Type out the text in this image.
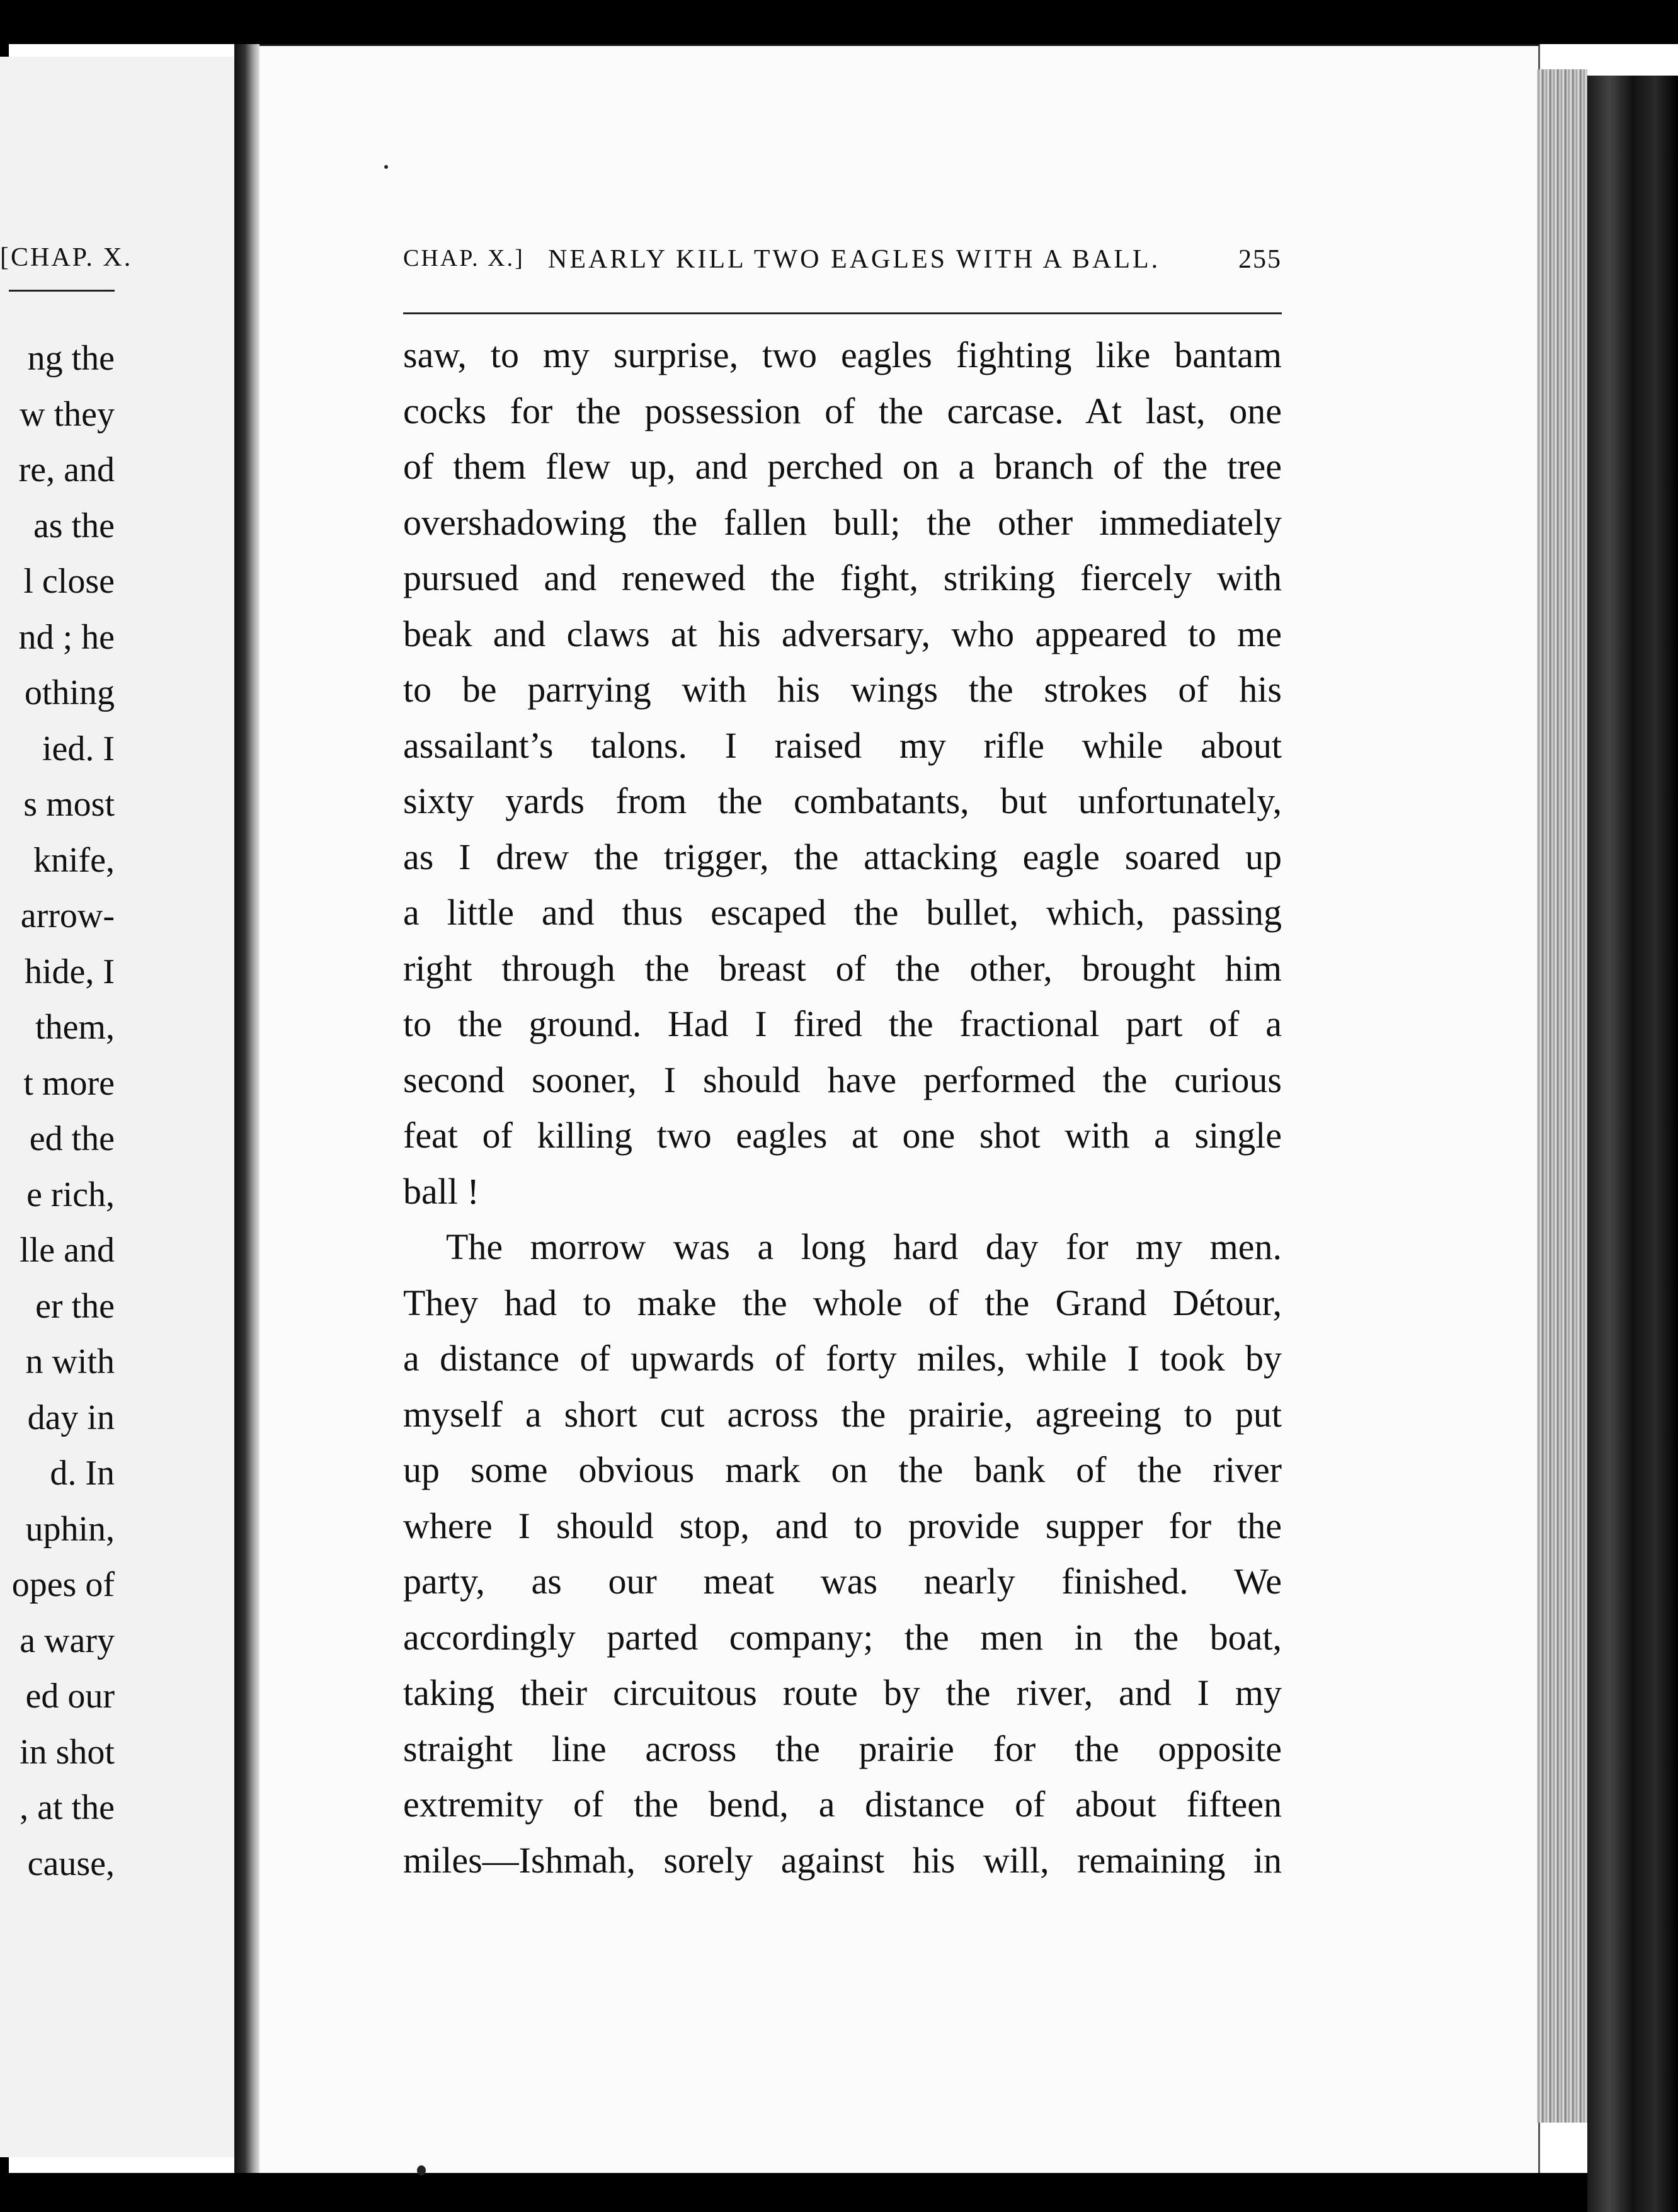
[CHAP. X.
ng the
w they
re, and
as the
l close
nd ; he
othing
ied. I
s most
knife,
arrow-
hide, I
them,
t more
ed the
e rich,
lle and
er the
n with
day in
d. In
uphin,
opes of
a wary
ed our
in shot
, at the
cause,
CHAP. X.] NEARLY KILL TWO EAGLES WITH A BALL.	255
saw, to my surprise, two eagles fighting like bantam
cocks for the possession of the carcase. At last, one
of them flew up, and perched on a branch of the tree
overshadowing the fallen bull; the other immediately
pursued and renewed the fight, striking fiercely with
beak and claws at his adversary, who appeared to me
to be parrying with his wings the strokes of his
assailant’s talons. I raised my rifle while about
sixty yards from the combatants, but unfortunately,
as I drew the trigger, the attacking eagle soared up
a little and thus escaped the bullet, which, passing
right through the breast of the other, brought him
to the ground. Had I fired the fractional part of a
second sooner, I should have performed the curious
feat of killing two eagles at one shot with a single
ball !
The morrow was a long hard day for my men.
They had to make the whole of the Grand Détour,
a distance of upwards of forty miles, while I took by
myself a short cut across the prairie, agreeing to put
up some obvious mark on the bank of the river
where I should stop, and to provide supper for the
party, as our meat was nearly finished. We
accordingly parted company; the men in the boat,
taking their circuitous route by the river, and I my
straight line across the prairie for the opposite
extremity of the bend, a distance of about fifteen
miles—Ishmah, sorely against his will, remaining in
